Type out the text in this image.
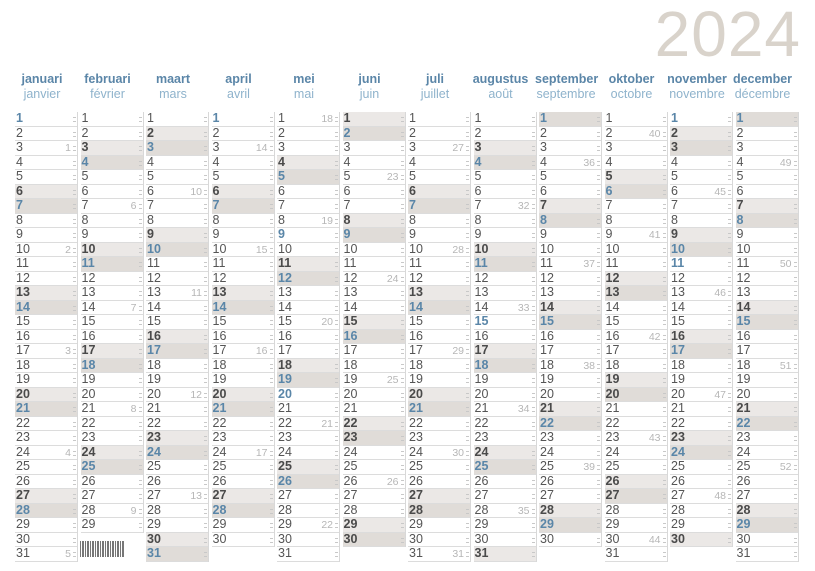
2024
januari
janvier
1
2
3	1
4
5
6
7
8
9
10	2
11
12
13
14
15
16
17	3
18
19
20
21
22
23
24	4
25
26
27
28
29
30
31	5
februari
février
1
2
3
4
5
6
7	6
8
9
10
11
12
13
14	7
15
16
17
18
19
20
21	8
22
23
24
25
26
27
28	9
29
maart
mars
1
2
3
4
5
6	10
7
8
9
10
11
12
13	11
14
15
16
17
18
19
20	12
21
22
23
24
25
26
27	13
28
29
30
31
april
avril
1
2
3	14
4
5
6
7
8
9
10	15
11
12
13
14
15
16
17	16
18
19
20
21
22
23
24	17
25
26
27
28
29
30
mei
mai
1	18
2
3
4
5
6
7
8	19
9
10
11
12
13
14
15	20
16
17
18
19
20
21
22	21
23
24
25
26
27
28
29	22
30
31
juni
juin
1
2
3
4
5	23
6
7
8
9
10
11
12	24
13
14
15
16
17
18
19	25
20
21
22
23
24
25
26	26
27
28
29
30
juli
juillet
1
2
3	27
4
5
6
7
8
9
10	28
11
12
13
14
15
16
17	29
18
19
20
21
22
23
24	30
25
26
27
28
29
30
31	31
augustus
août
1
2
3
4
5
6
7	32
8
9
10
11
12
13
14	33
15
16
17
18
19
20
21	34
22
23
24
25
26
27
28	35
29
30
31
september
septembre
1
2
3
4	36
5
6
7
8
9
10
11	37
12
13
14
15
16
17
18	38
19
20
21
22
23
24
25	39
26
27
28
29
30
oktober
octobre
1
2	40
3
4
5
6
7
8
9	41
10
11
12
13
14
15
16	42
17
18
19
20
21
22
23	43
24
25
26
27
28
29
30	44
31
november
novembre
1
2
3
4
5
6	45
7
8
9
10
11
12
13	46
14
15
16
17
18
19
20	47
21
22
23
24
25
26
27	48
28
29
30
december
décembre
1
2
3
4	49
5
6
7
8
9
10
11	50
12
13
14
15
16
17
18	51
19
20
21
22
23
24
25	52
26
27
28
29
30
31
